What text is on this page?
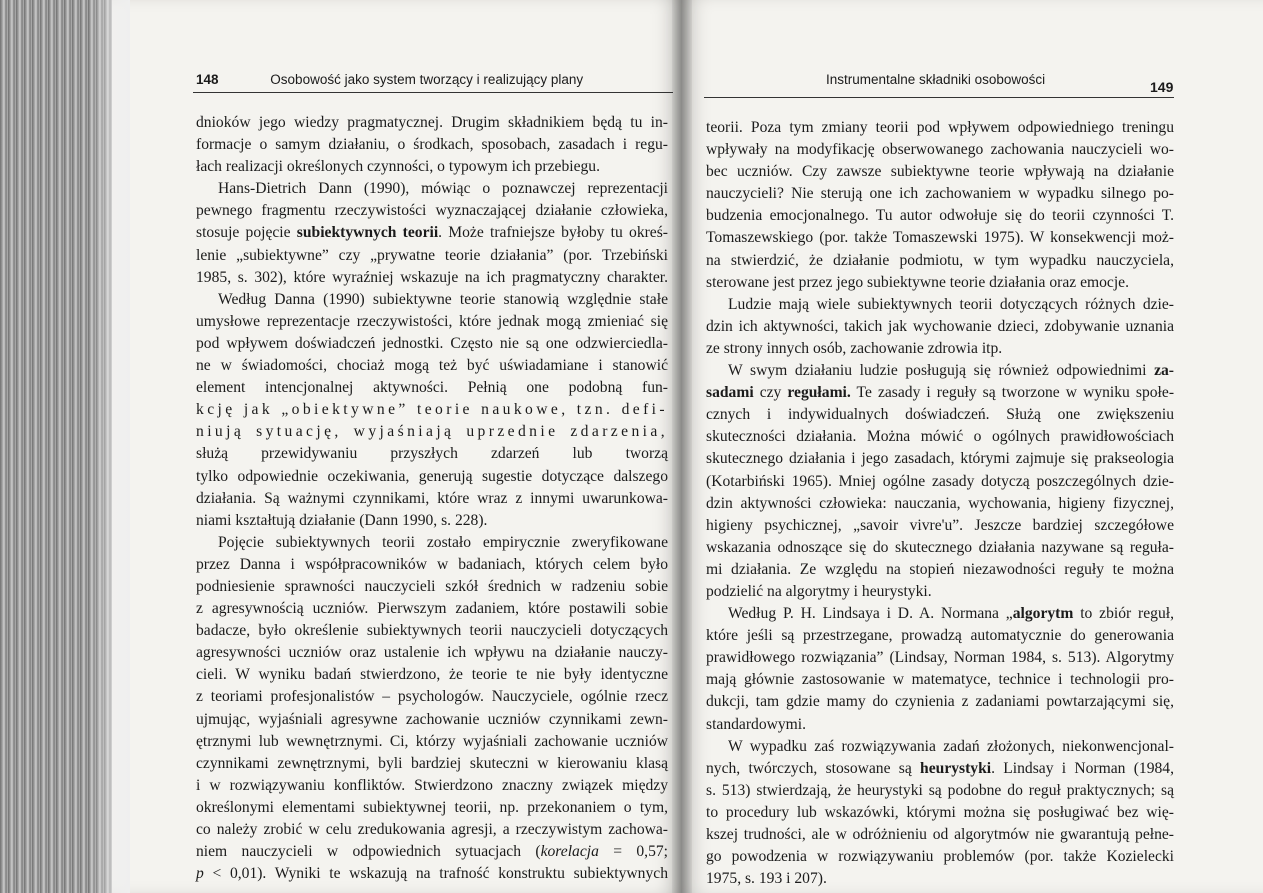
148	Osobowość jako system tworzący i realizujący plany	Instrumentalne składniki osobowości	149
dnioków jego wiedzy pragmatycznej. Drugim składnikiem będą tu in-
formacje o samym działaniu, o środkach, sposobach, zasadach i regu-
łach realizacji określonych czynności, o typowym ich przebiegu.
Hans-Dietrich Dann (1990), mówiąc o poznawczej reprezentacji
pewnego fragmentu rzeczywistości wyznaczającej działanie człowieka,
stosuje pojęcie subiektywnych teorii. Może trafniejsze byłoby tu okreś-
lenie „subiektywne” czy „prywatne teorie działania” (por. Trzebiński
1985, s. 302), które wyraźniej wskazuje na ich pragmatyczny charakter.
Według Danna (1990) subiektywne teorie stanowią względnie stałe
umysłowe reprezentacje rzeczywistości, które jednak mogą zmieniać się
pod wpływem doświadczeń jednostki. Często nie są one odzwierciedla-
ne w świadomości, chociaż mogą też być uświadamiane i stanowić
element intencjonalnej aktywności. Pełnią one podobną fun-
kcję jak „obiektywne” teorie naukowe, tzn. defi-
niują sytuację, wyjaśniają uprzednie zdarzenia,
służą przewidywaniu przyszłych zdarzeń lub tworzą
tylko odpowiednie oczekiwania, generują sugestie dotyczące dalszego
działania. Są ważnymi czynnikami, które wraz z innymi uwarunkowa-
niami kształtują działanie (Dann 1990, s. 228).
Pojęcie subiektywnych teorii zostało empirycznie zweryfikowane
przez Danna i współpracowników w badaniach, których celem było
podniesienie sprawności nauczycieli szkół średnich w radzeniu sobie
z agresywnością uczniów. Pierwszym zadaniem, które postawili sobie
badacze, było określenie subiektywnych teorii nauczycieli dotyczących
agresywności uczniów oraz ustalenie ich wpływu na działanie nauczy-
cieli. W wyniku badań stwierdzono, że teorie te nie były identyczne
z teoriami profesjonalistów – psychologów. Nauczyciele, ogólnie rzecz
ujmując, wyjaśniali agresywne zachowanie uczniów czynnikami zewn-
ętrznymi lub wewnętrznymi. Ci, którzy wyjaśniali zachowanie uczniów
czynnikami zewnętrznymi, byli bardziej skuteczni w kierowaniu klasą
i w rozwiązywaniu konfliktów. Stwierdzono znaczny związek między
określonymi elementami subiektywnej teorii, np. przekonaniem o tym,
co należy zrobić w celu zredukowania agresji, a rzeczywistym zachowa-
niem nauczycieli w odpowiednich sytuacjach (korelacja = 0,57;
p < 0,01). Wyniki te wskazują na trafność konstruktu subiektywnych
teorii. Poza tym zmiany teorii pod wpływem odpowiedniego treningu
wpływały na modyfikację obserwowanego zachowania nauczycieli wo-
bec uczniów. Czy zawsze subiektywne teorie wpływają na działanie
nauczycieli? Nie sterują one ich zachowaniem w wypadku silnego po-
budzenia emocjonalnego. Tu autor odwołuje się do teorii czynności T.
Tomaszewskiego (por. także Tomaszewski 1975). W konsekwencji moż-
na stwierdzić, że działanie podmiotu, w tym wypadku nauczyciela,
sterowane jest przez jego subiektywne teorie działania oraz emocje.
Ludzie mają wiele subiektywnych teorii dotyczących różnych dzie-
dzin ich aktywności, takich jak wychowanie dzieci, zdobywanie uznania
ze strony innych osób, zachowanie zdrowia itp.
W swym działaniu ludzie posługują się również odpowiednimi za-
sadami czy regułami. Te zasady i reguły są tworzone w wyniku społe-
cznych i indywidualnych doświadczeń. Służą one zwiększeniu
skuteczności działania. Można mówić o ogólnych prawidłowościach
skutecznego działania i jego zasadach, którymi zajmuje się prakseologia
(Kotarbiński 1965). Mniej ogólne zasady dotyczą poszczególnych dzie-
dzin aktywności człowieka: nauczania, wychowania, higieny fizycznej,
higieny psychicznej, „savoir vivre'u”. Jeszcze bardziej szczegółowe
wskazania odnoszące się do skutecznego działania nazywane są reguła-
mi działania. Ze względu na stopień niezawodności reguły te można
podzielić na algorytmy i heurystyki.
Według P. H. Lindsaya i D. A. Normana „algorytm to zbiór reguł,
które jeśli są przestrzegane, prowadzą automatycznie do generowania
prawidłowego rozwiązania” (Lindsay, Norman 1984, s. 513). Algorytmy
mają głównie zastosowanie w matematyce, technice i technologii pro-
dukcji, tam gdzie mamy do czynienia z zadaniami powtarzającymi się,
standardowymi.
W wypadku zaś rozwiązywania zadań złożonych, niekonwencjonal-
nych, twórczych, stosowane są heurystyki. Lindsay i Norman (1984,
s. 513) stwierdzają, że heurystyki są podobne do reguł praktycznych; są
to procedury lub wskazówki, którymi można się posługiwać bez wię-
kszej trudności, ale w odróżnieniu od algorytmów nie gwarantują pełne-
go powodzenia w rozwiązywaniu problemów (por. także Kozielecki
1975, s. 193 i 207).
